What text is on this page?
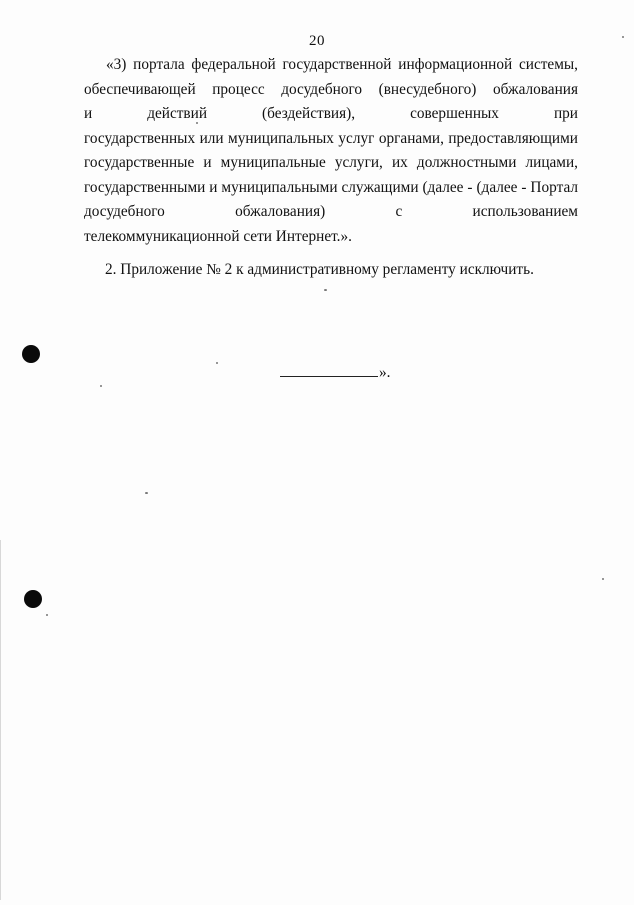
20
«3) портала федеральной государственной информационной системы,
обеспечивающей процесс досудебного (внесудебного) обжалования
и действий (бездействия), совершенных при
государственных или муниципальных услуг органами, предоставляющими
государственные и муниципальные услуги, их должностными лицами,
государственными и муниципальными служащими (далее - (далее - Портал
досудебного обжалования) с использованием
телекоммуникационной сети Интернет.».
2. Приложение № 2 к административному регламенту исключить.
».
